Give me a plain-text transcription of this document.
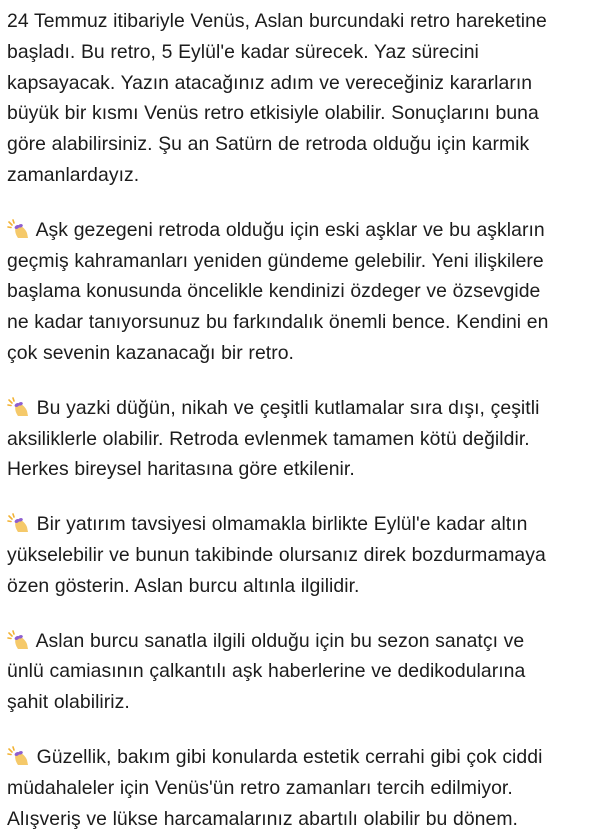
24 Temmuz itibariyle Venüs, Aslan burcundaki retro hareketine
başladı. Bu retro, 5 Eylül'e kadar sürecek. Yaz sürecini
kapsayacak. Yazın atacağınız adım ve vereceğiniz kararların
büyük bir kısmı Venüs retro etkisiyle olabilir. Sonuçlarını buna
göre alabilirsiniz. Şu an Satürn de retroda olduğu için karmik
zamanlardayız.

Aşk gezegeni retroda olduğu için eski aşklar ve bu aşkların
geçmiş kahramanları yeniden gündeme gelebilir. Yeni ilişkilere
başlama konusunda öncelikle kendinizi özdeger ve özsevgide
ne kadar tanıyorsunuz bu farkındalık önemli bence. Kendini en
çok sevenin kazanacağı bir retro.

Bu yazki düğün, nikah ve çeşitli kutlamalar sıra dışı, çeşitli
aksiliklerle olabilir. Retroda evlenmek tamamen kötü değildir.
Herkes bireysel haritasına göre etkilenir.

Bir yatırım tavsiyesi olmamakla birlikte Eylül'e kadar altın
yükselebilir ve bunun takibinde olursanız direk bozdurmamaya
özen gösterin. Aslan burcu altınla ilgilidir.

Aslan burcu sanatla ilgili olduğu için bu sezon sanatçı ve
ünlü camiasının çalkantılı aşk haberlerine ve dedikodularına
şahit olabiliriz.

Güzellik, bakım gibi konularda estetik cerrahi gibi çok ciddi
müdahaleler için Venüs'ün retro zamanları tercih edilmiyor.
Alışveriş ve lükse harcamalarınız abartılı olabilir bu dönem.
